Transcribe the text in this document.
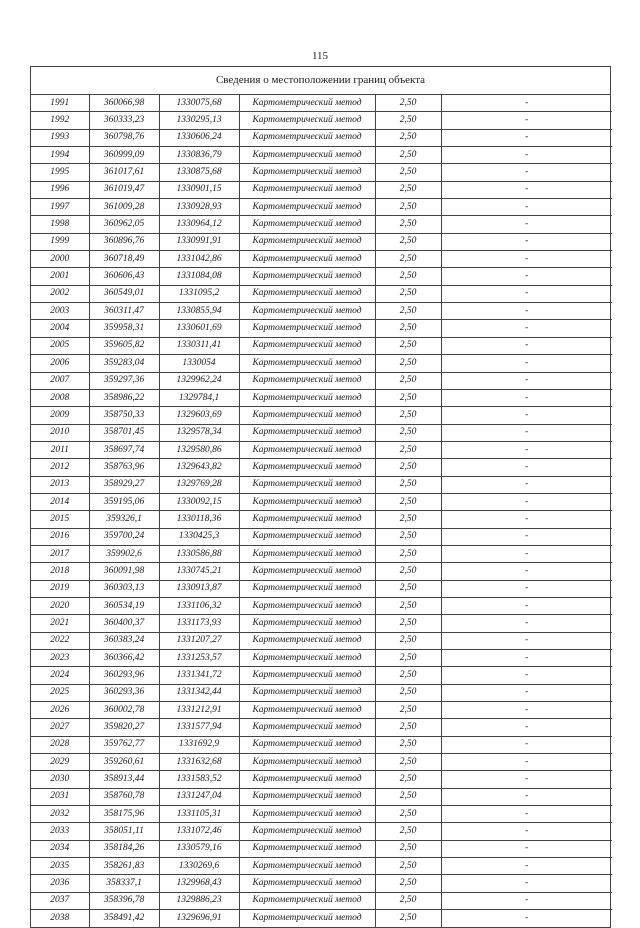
115
Сведения о местоположении границ объекта
1991	360066,98	1330075,68	Картометрический метод	2,50	-
1992	360333,23	1330295,13	Картометрический метод	2,50	-
1993	360798,76	1330606,24	Картометрический метод	2,50	-
1994	360999,09	1330836,79	Картометрический метод	2,50	-
1995	361017,61	1330875,68	Картометрический метод	2,50	-
1996	361019,47	1330901,15	Картометрический метод	2,50	-
1997	361009,28	1330928,93	Картометрический метод	2,50	-
1998	360962,05	1330964,12	Картометрический метод	2,50	-
1999	360896,76	1330991,91	Картометрический метод	2,50	-
2000	360718,49	1331042,86	Картометрический метод	2,50	-
2001	360606,43	1331084,08	Картометрический метод	2,50	-
2002	360549,01	1331095,2	Картометрический метод	2,50	-
2003	360311,47	1330855,94	Картометрический метод	2,50	-
2004	359958,31	1330601,69	Картометрический метод	2,50	-
2005	359605,82	1330311,41	Картометрический метод	2,50	-
2006	359283,04	1330054	Картометрический метод	2,50	-
2007	359297,36	1329962,24	Картометрический метод	2,50	-
2008	358986,22	1329784,1	Картометрический метод	2,50	-
2009	358750,33	1329603,69	Картометрический метод	2,50	-
2010	358701,45	1329578,34	Картометрический метод	2,50	-
2011	358697,74	1329580,86	Картометрический метод	2,50	-
2012	358763,96	1329643,82	Картометрический метод	2,50	-
2013	358929,27	1329769,28	Картометрический метод	2,50	-
2014	359195,06	1330092,15	Картометрический метод	2,50	-
2015	359326,1	1330118,36	Картометрический метод	2,50	-
2016	359700,24	1330425,3	Картометрический метод	2,50	-
2017	359902,6	1330586,88	Картометрический метод	2,50	-
2018	360091,98	1330745,21	Картометрический метод	2,50	-
2019	360303,13	1330913,87	Картометрический метод	2,50	-
2020	360534,19	1331106,32	Картометрический метод	2,50	-
2021	360400,37	1331173,93	Картометрический метод	2,50	-
2022	360383,24	1331207,27	Картометрический метод	2,50	-
2023	360366,42	1331253,57	Картометрический метод	2,50	-
2024	360293,96	1331341,72	Картометрический метод	2,50	-
2025	360293,36	1331342,44	Картометрический метод	2,50	-
2026	360002,78	1331212,91	Картометрический метод	2,50	-
2027	359820,27	1331577,94	Картометрический метод	2,50	-
2028	359762,77	1331692,9	Картометрический метод	2,50	-
2029	359260,61	1331632,68	Картометрический метод	2,50	-
2030	358913,44	1331583,52	Картометрический метод	2,50	-
2031	358760,78	1331247,04	Картометрический метод	2,50	-
2032	358175,96	1331105,31	Картометрический метод	2,50	-
2033	358051,11	1331072,46	Картометрический метод	2,50	-
2034	358184,26	1330579,16	Картометрический метод	2,50	-
2035	358261,83	1330269,6	Картометрический метод	2,50	-
2036	358337,1	1329968,43	Картометрический метод	2,50	-
2037	358396,78	1329886,23	Картометрический метод	2,50	-
2038	358491,42	1329696,91	Картометрический метод	2,50	-
